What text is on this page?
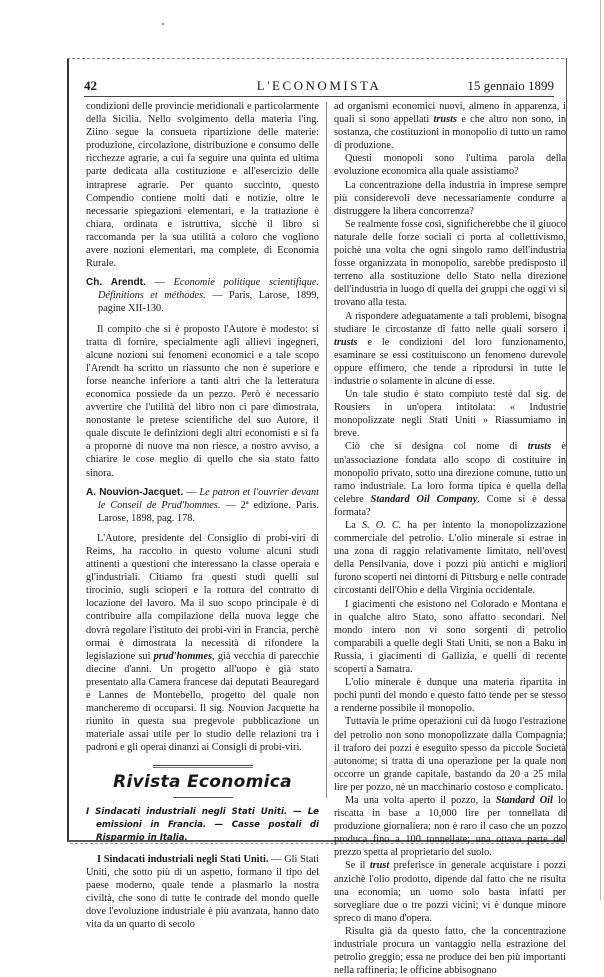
42	L'ECONOMISTA	15 gennaio 1899

condizioni delle provincie meridionali e particolarmente della Sicilia. Nello svolgimento della materia l'ing. Ziino segue la consueta ripartizione delle materie: produzione, circolazione, distribuzione e consumo delle ricchezze agrarie, a cui fa seguire una quinta ed ultima parte dedicata alla costituzione e all'esercizio delle intraprese agrarie. Per quanto succinto, questo Compendio contiene molti dati e notizie, oltre le necessarie spiegazioni elementari, e la trattazione è chiara, ordinata e istruttiva, sicchè il libro si raccomanda per la sua utilità a coloro che vogliono avere nozioni elementari, ma complete, di Economia Rurale.

Ch. Arendt. — Economie politique scientifique. Définitions et méthodes. — Paris, Larose, 1899, pagine XII-130.

Il compito che si è proposto l'Autore è modesto: si tratta di fornire, specialmente agli allievi ingegneri, alcune nozioni sui fenomeni economici e a tale scopo l'Arendt ha scritto un riassunto che non è superiore e forse neanche inferiore a tanti altri che la letteratura economica possiede da un pezzo. Però è necessario avvertire che l'utilità del libro non ci pare dimostrata, nonostante le pretese scientifiche del suo Autore, il quale discute le definizioni degli altri economisti e si fa a proporne di nuove ma non riesce, a nostro avviso, a chiarire le cose meglio di quello che sia stato fatto sinora.

A. Nouvion-Jacquet. — Le patron et l'ouvrier devant le Conseil de Prud'hommes. — 2ª edizione. Paris. Larose, 1898, pag. 178.

L'Autore, presidente del Consiglio di probi-viri di Reims, ha raccolto in questo volume alcuni studi attinenti a questioni che interessano la classe operaia e gl'industriali. Citiamo fra questi studi quelli sul tirocinio, sugli scioperi e la rottura del contratto di locazione del lavoro. Ma il suo scopo principale è di contribuire alla compilazione della nuova legge che dovrà regolare l'istituto dei probi-viri in Francia, perchè ormai è dimostrata la necessità di rifondere la legislazione sui prud'hommes, già vecchia di parecchie diecine d'anni. Un progetto all'uopo è già stato presentato alla Camera francese dai deputati Beauregard e Lannes de Montebello, progetto del quale non mancheremo di occuparsi. Il sig. Nouvion Jacquette ha riunito in questa sua pregevole pubblicazione un materiale assai utile per lo studio delle relazioni tra i padroni e gli operai dinanzi ai Consigli di probi-viri.

Rivista Economica

I Sindacati industriali negli Stati Uniti. — Le emissioni in Francia. — Casse postali di Risparmio in Italia.

I Sindacati industriali negli Stati Uniti. — Gli Stati Uniti, che sotto più di un aspetto, formano il tipo del paese moderno, quale tende a plasmarlo la nostra civiltà, che sono di tutte le contrade del mondo quelle dove l'evoluzione industriale è più avanzata, hanno dato vita da un quarto di secolo

ad organismi economici nuovi, almeno in apparenza, i quali si sono appellati trusts e che altro non sono, in sostanza, che costituzioni in monopolio di tutto un ramo di produzione.

Questi monopoli sono l'ultima parola della evoluzione economica alla quale assistiamo?

La concentrazione della industria in imprese sempre più considerevoli deve necessariamente condurre a distruggere la libera concorrenza?

Se realmente fosse così, significherebbe che il giuoco naturale delle forze sociali ci porta al collettivismo, poichè una volta che ogni singolo ramo dell'industria fosse organizzata in monopolio, sarebbe predisposto il terreno alla sostituzione dello Stato nella direzione dell'industria in luogo di quella dei gruppi che oggi vi si trovano alla testa.

A rispondere adeguatamente a tali problemi, bisogna studiare le circostanze di fatto nelle quali sorsero i trusts e le condizioni del loro funzionamento, esaminare se essi costituiscono un fenomeno durevole oppure effimero, che tende a riprodursi in tutte le industrie o solamente in alcune di esse.

Un tale studio è stato compiuto testè dal sig. de Rousiers in un'opera intitolata: « Industrie monopolizzate negli Stati Uniti » Riassumiamo in breve.

Ciò che si designa col nome di trusts è un'associazione fondata allo scopo di costituire in monopolio privato, sotto una direzione comune, tutto un ramo industriale. La loro forma tipica è quella della celebre Standard Oil Company. Come si è dessa formata?

La S. O. C. ha per intento la monopolizzazione commerciale del petrolio. L'olio minerale si estrae in una zona di raggio relativamente limitato, nell'ovest della Pensilvania, dove i pozzi più antichi e migliori furono scoperti nei dintorni di Pittsburg e nelle contrade circostanti dell'Ohio e della Virginia occidentale.

I giacimenti che esistono nel Colorado e Montana e in qualche altro Stato, sono affatto secondari. Nel mondo intero non vi sono sorgenti di petrolio comparabili a quelle degli Stati Uniti, se non a Baku in Russia, i giacimenti di Gallizia, e quelli di recente scoperti a Samatra.

L'olio minerale è dunque una materia ripartita in pochi punti del mondo e questo fatto tende per se stesso a renderne possibile il monopolio.

Tuttavia le prime operazioni cui dà luogo l'estrazione del petrolio non sono monopolizzate dalla Compagnia; il traforo dei pozzi è eseguito spesso da piccole Società autonome; si tratta di una operazione per la quale non occorre un grande capitale, bastando da 20 a 25 mila lire per pozzo, nè un macchinario costoso e complicato.

Ma una volta aperto il pozzo, la Standard Oil lo riscatta in base a 10,000 lire per tonnellata di produzione giornaliera; non è raro il caso che un pozzo produca fino a 100 tonnellate; una ottava parte del prezzo spetta al proprietario del suolo.

Se il trust preferisce in generale acquistare i pozzi anzichè l'olio prodotto, dipende dal fatto che ne risulta una economia; un uomo solo basta infatti per sorvegliare due o tre pozzi vicini; vi è dunque minore spreco di mano d'opera.

Risulta già da questo fatto, che la concentrazione industriale procura un vantaggio nella estrazione del petrolio greggio; essa ne produce dei ben più importanti nella raffineria; le officine abbisognano
